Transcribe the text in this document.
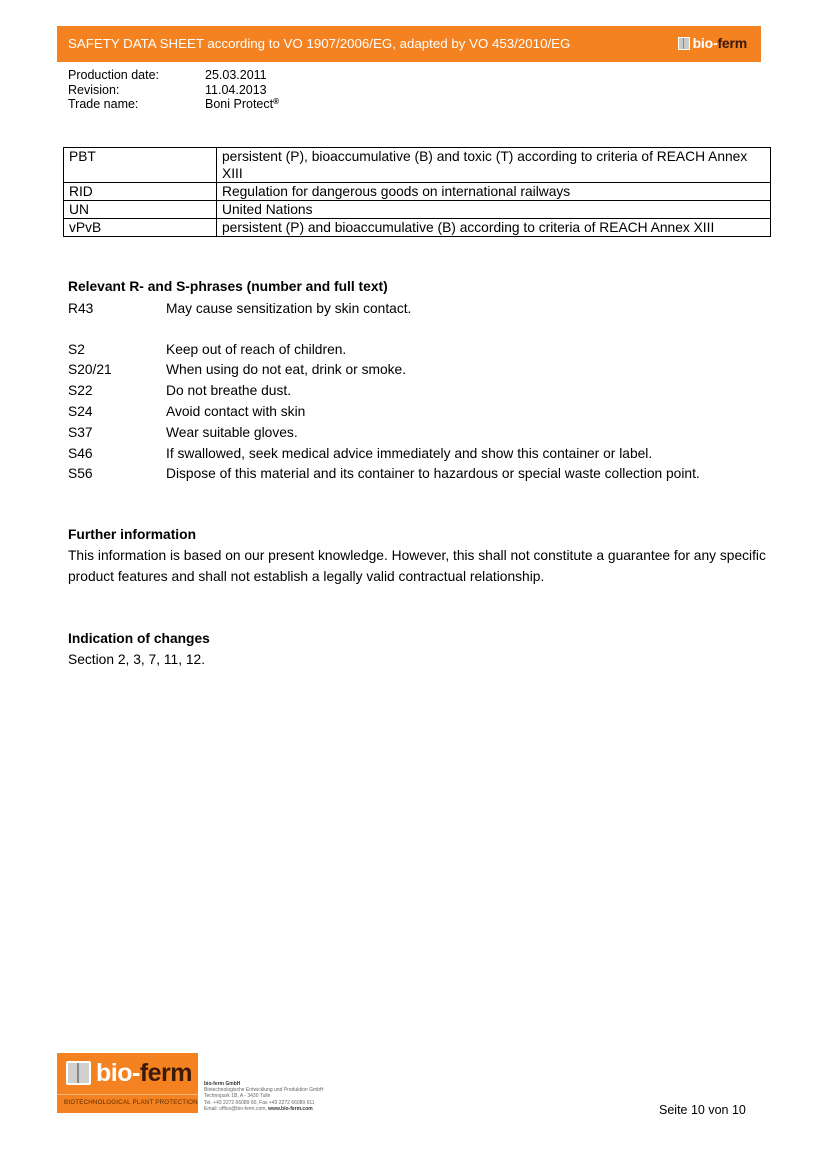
SAFETY DATA SHEET according to VO 1907/2006/EG, adapted by VO 453/2010/EG	bio-ferm
Production date:	25.03.2011
Revision:	11.04.2013
Trade name:	Boni Protect®
PBT	persistent (P), bioaccumulative (B) and toxic (T) according to criteria of REACH Annex XIII
RID	Regulation for dangerous goods on international railways
UN	United Nations
vPvB	persistent (P) and bioaccumulative (B) according to criteria of REACH Annex XIII
Relevant R- and S-phrases (number and full text)
R43	May cause sensitization by skin contact.
S2	Keep out of reach of children.
S20/21	When using do not eat, drink or smoke.
S22	Do not breathe dust.
S24	Avoid contact with skin
S37	Wear suitable gloves.
S46	If swallowed, seek medical advice immediately and show this container or label.
S56	Dispose of this material and its container to hazardous or special waste collection point.
Further information
This information is based on our present knowledge. However, this shall not constitute a guarantee for any specific product features and shall not establish a legally valid contractual relationship.
Indication of changes
Section 2, 3, 7, 11, 12.
bio-ferm
BIOTECHNOLOGICAL PLANT PROTECTION
bio-ferm GmbH
Biotechnologische Entwicklung und Produktion GmbH
Technopark 1B, A - 3430 Tulln
Tel. +43 2272 66089 60, Fax +43 2272 66089 611
Email: office@bio-ferm.com, www.bio-ferm.com	Seite 10 von 10
